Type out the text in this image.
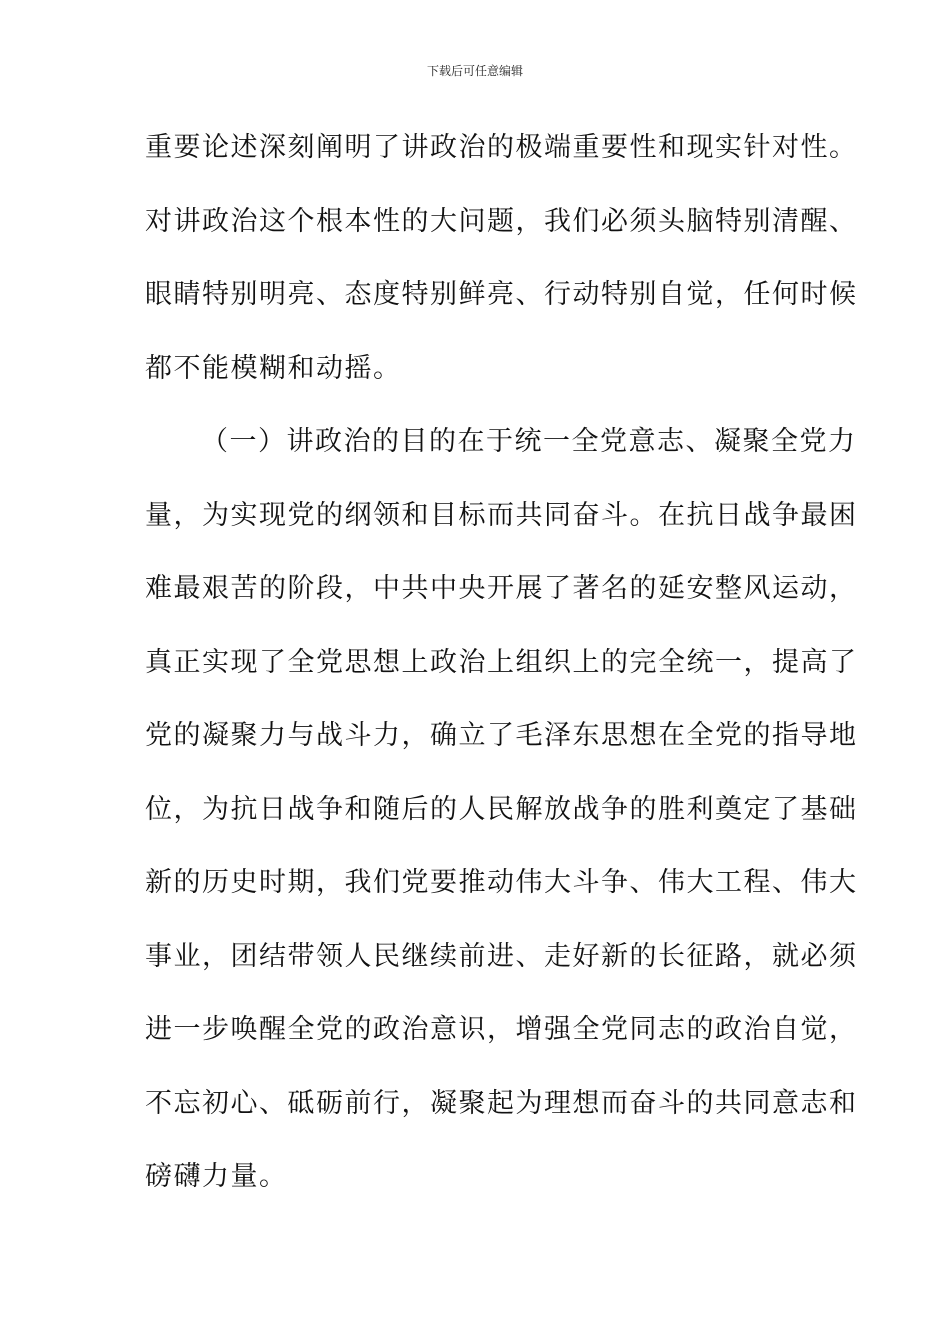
下载后可任意编辑
重要论述深刻阐明了讲政治的极端重要性和现实针对性。
对讲政治这个根本性的大问题，我们必须头脑特别清醒、
眼睛特别明亮、态度特别鲜亮、行动特别自觉，任何时候
都不能模糊和动摇。
（一）讲政治的目的在于统一全党意志、凝聚全党力
量，为实现党的纲领和目标而共同奋斗。在抗日战争最困
难最艰苦的阶段，中共中央开展了著名的延安整风运动，
真正实现了全党思想上政治上组织上的完全统一，提高了
党的凝聚力与战斗力，确立了毛泽东思想在全党的指导地
位，为抗日战争和随后的人民解放战争的胜利奠定了基础
新的历史时期，我们党要推动伟大斗争、伟大工程、伟大
事业，团结带领人民继续前进、走好新的长征路，就必须
进一步唤醒全党的政治意识，增强全党同志的政治自觉，
不忘初心、砥砺前行，凝聚起为理想而奋斗的共同意志和
磅礴力量。
